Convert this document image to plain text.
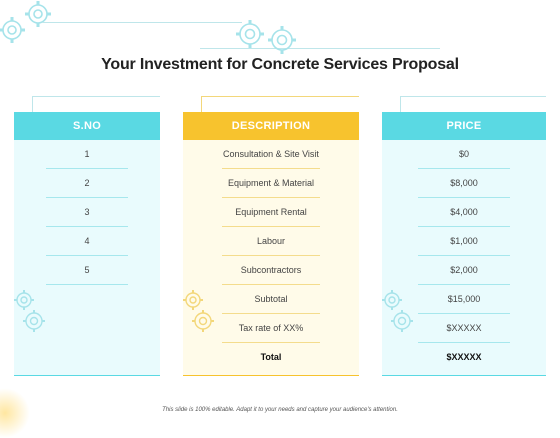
Your Investment for Concrete Services Proposal
S.NO
1
2
3
4
5
DESCRIPTION
Consultation & Site Visit
Equipment & Material
Equipment Rental
Labour
Subcontractors
Subtotal
Tax rate of XX%
Total
PRICE
$0
$8,000
$4,000
$1,000
$2,000
$15,000
$XXXXX
$XXXXX
This slide is 100% editable. Adapt it to your needs and capture your audience's attention.
